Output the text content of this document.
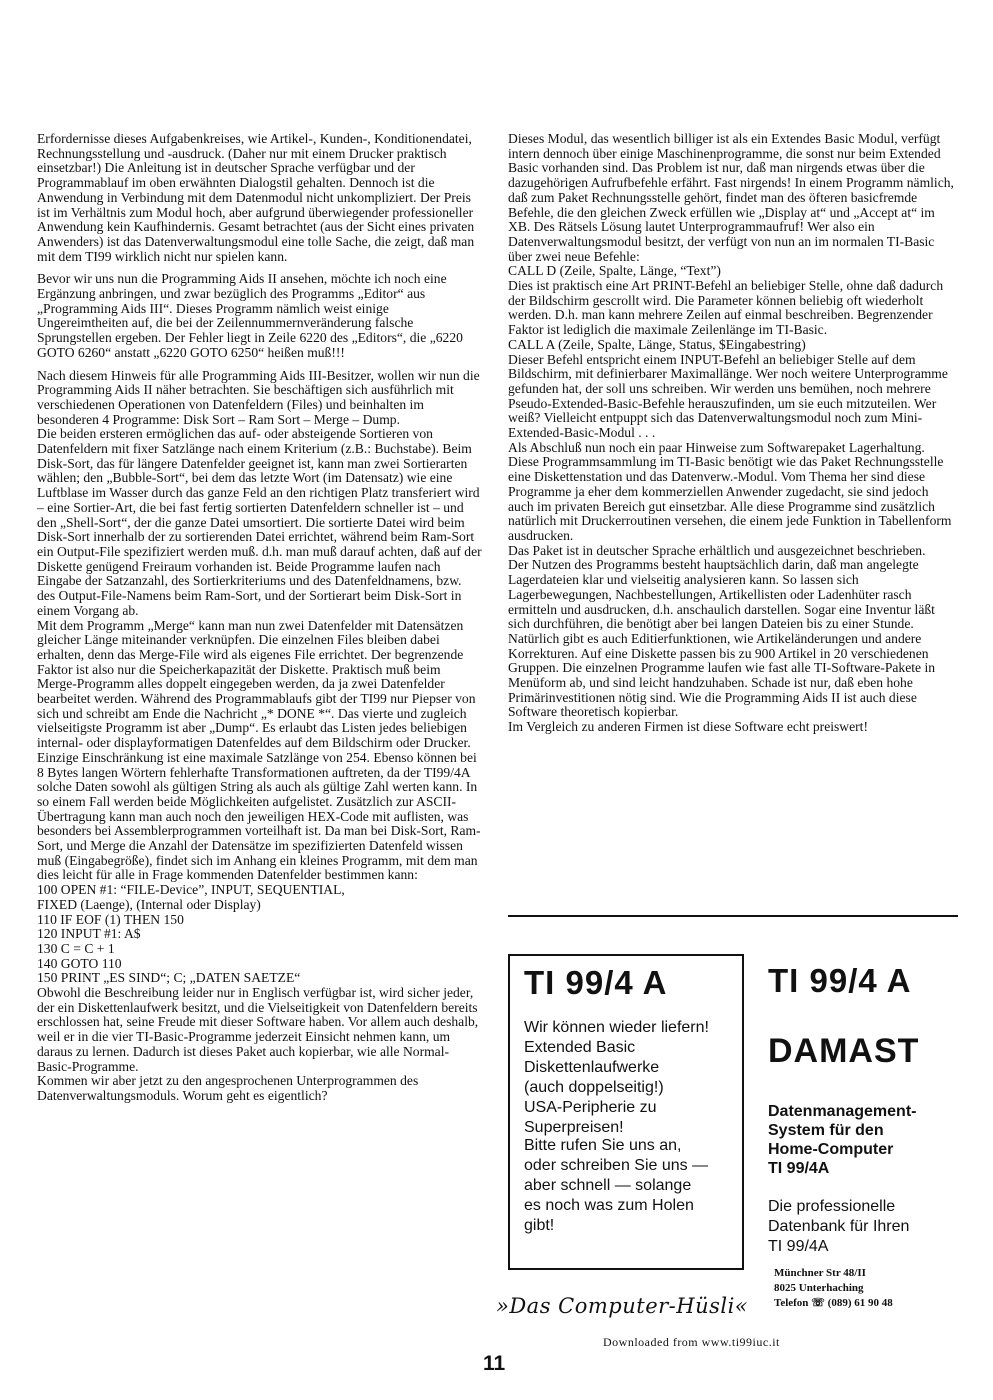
Erfordernisse dieses Aufgabenkreises, wie Artikel-, Kunden-, Konditionendatei, Rechnungsstellung und -ausdruck. (Daher nur mit einem Drucker praktisch einsetzbar!) Die Anleitung ist in deutscher Sprache verfügbar und der Programmablauf im oben erwähnten Dialogstil gehalten. Dennoch ist die Anwendung in Verbindung mit dem Datenmodul nicht unkompliziert. Der Preis ist im Verhältnis zum Modul hoch, aber aufgrund überwiegender professioneller Anwendung kein Kaufhindernis. Gesamt betrachtet (aus der Sicht eines privaten Anwenders) ist das Datenverwaltungsmodul eine tolle Sache, die zeigt, daß man mit dem TI99 wirklich nicht nur spielen kann.

Bevor wir uns nun die Programming Aids II ansehen, möchte ich noch eine Ergänzung anbringen, und zwar bezüglich des Programms „Editor“ aus „Programming Aids III“. Dieses Programm nämlich weist einige Ungereimtheiten auf, die bei der Zeilennummernveränderung falsche Sprungstellen ergeben. Der Fehler liegt in Zeile 6220 des „Editors“, die „6220 GOTO 6260“ anstatt „6220 GOTO 6250“ heißen muß!!!

Nach diesem Hinweis für alle Programming Aids III-Besitzer, wollen wir nun die Programming Aids II näher betrachten. Sie beschäftigen sich ausführlich mit verschiedenen Operationen von Datenfeldern (Files) und beinhalten im besonderen 4 Programme: Disk Sort – Ram Sort – Merge – Dump.

Die beiden ersteren ermöglichen das auf- oder absteigende Sortieren von Datenfeldern mit fixer Satzlänge nach einem Kriterium (z.B.: Buchstabe). Beim Disk-Sort, das für längere Datenfelder geeignet ist, kann man zwei Sortierarten wählen; den „Bubble-Sort“, bei dem das letzte Wort (im Datensatz) wie eine Luftblase im Wasser durch das ganze Feld an den richtigen Platz transferiert wird – eine Sortier-Art, die bei fast fertig sortierten Datenfeldern schneller ist – und den „Shell-Sort“, der die ganze Datei umsortiert. Die sortierte Datei wird beim Disk-Sort innerhalb der zu sortierenden Datei errichtet, während beim Ram-Sort ein Output-File spezifiziert werden muß. d.h. man muß darauf achten, daß auf der Diskette genügend Freiraum vorhanden ist. Beide Programme laufen nach Eingabe der Satzanzahl, des Sortierkriteriums und des Datenfeldnamens, bzw. des Output-File-Namens beim Ram-Sort, und der Sortierart beim Disk-Sort in einem Vorgang ab.

Mit dem Programm „Merge“ kann man nun zwei Datenfelder mit Datensätzen gleicher Länge miteinander verknüpfen. Die einzelnen Files bleiben dabei erhalten, denn das Merge-File wird als eigenes File errichtet. Der begrenzende Faktor ist also nur die Speicherkapazität der Diskette. Praktisch muß beim Merge-Programm alles doppelt eingegeben werden, da ja zwei Datenfelder bearbeitet werden. Während des Programmablaufs gibt der TI99 nur Piepser von sich und schreibt am Ende die Nachricht „* DONE *“. Das vierte und zugleich vielseitigste Programm ist aber „Dump“. Es erlaubt das Listen jedes beliebigen internal- oder displayformatigen Datenfeldes auf dem Bildschirm oder Drucker. Einzige Einschränkung ist eine maximale Satzlänge von 254. Ebenso können bei 8 Bytes langen Wörtern fehlerhafte Transformationen auftreten, da der TI99/4A solche Daten sowohl als gültigen String als auch als gültige Zahl werten kann. In so einem Fall werden beide Möglichkeiten aufgelistet. Zusätzlich zur ASCII-Übertragung kann man auch noch den jeweiligen HEX-Code mit auflisten, was besonders bei Assemblerprogrammen vorteilhaft ist. Da man bei Disk-Sort, Ram-Sort, und Merge die Anzahl der Datensätze im spezifizierten Datenfeld wissen muß (Eingabegröße), findet sich im Anhang ein kleines Programm, mit dem man dies leicht für alle in Frage kommenden Datenfelder bestimmen kann:

100 OPEN #1: “FILE-Device”, INPUT, SEQUENTIAL,
FIXED (Laenge), (Internal oder Display)
110 IF EOF (1) THEN 150
120 INPUT #1: A$
130 C = C + 1
140 GOTO 110
150 PRINT „ES SIND“; C; „DATEN SAETZE“

Obwohl die Beschreibung leider nur in Englisch verfügbar ist, wird sicher jeder, der ein Diskettenlaufwerk besitzt, und die Vielseitigkeit von Datenfeldern bereits erschlossen hat, seine Freude mit dieser Software haben. Vor allem auch deshalb, weil er in die vier TI-Basic-Programme jederzeit Einsicht nehmen kann, um daraus zu lernen. Dadurch ist dieses Paket auch kopierbar, wie alle Normal-Basic-Programme.

Kommen wir aber jetzt zu den angesprochenen Unterprogrammen des Datenverwaltungsmoduls. Worum geht es eigentlich?

Dieses Modul, das wesentlich billiger ist als ein Extendes Basic Modul, verfügt intern dennoch über einige Maschinenprogramme, die sonst nur beim Extended Basic vorhanden sind. Das Problem ist nur, daß man nirgends etwas über die dazugehörigen Aufrufbefehle erfährt. Fast nirgends! In einem Programm nämlich, daß zum Paket Rechnungsstelle gehört, findet man des öfteren basicfremde Befehle, die den gleichen Zweck erfüllen wie „Display at“ und „Accept at“ im XB. Des Rätsels Lösung lautet Unterprogrammaufruf! Wer also ein Datenverwaltungsmodul besitzt, der verfügt von nun an im normalen TI-Basic über zwei neue Befehle:

CALL D (Zeile, Spalte, Länge, “Text”)

Dies ist praktisch eine Art PRINT-Befehl an beliebiger Stelle, ohne daß dadurch der Bildschirm gescrollt wird. Die Parameter können beliebig oft wiederholt werden. D.h. man kann mehrere Zeilen auf einmal beschreiben. Begrenzender Faktor ist lediglich die maximale Zeilenlänge im TI-Basic.

CALL A (Zeile, Spalte, Länge, Status, $Eingabestring)

Dieser Befehl entspricht einem INPUT-Befehl an beliebiger Stelle auf dem Bildschirm, mit definierbarer Maximallänge. Wer noch weitere Unterprogramme gefunden hat, der soll uns schreiben. Wir werden uns bemühen, noch mehrere Pseudo-Extended-Basic-Befehle herauszufinden, um sie euch mitzuteilen. Wer weiß? Vielleicht entpuppt sich das Datenverwaltungsmodul noch zum Mini-Extended-Basic-Modul . . .

Als Abschluß nun noch ein paar Hinweise zum Softwarepaket Lagerhaltung. Diese Programmsammlung im TI-Basic benötigt wie das Paket Rechnungsstelle eine Diskettenstation und das Datenverw.-Modul. Vom Thema her sind diese Programme ja eher dem kommerziellen Anwender zugedacht, sie sind jedoch auch im privaten Bereich gut einsetzbar. Alle diese Programme sind zusätzlich natürlich mit Druckerroutinen versehen, die einem jede Funktion in Tabellenform ausdrucken.

Das Paket ist in deutscher Sprache erhältlich und ausgezeichnet beschrieben.

Der Nutzen des Programms besteht hauptsächlich darin, daß man angelegte Lagerdateien klar und vielseitig analysieren kann. So lassen sich Lagerbewegungen, Nachbestellungen, Artikellisten oder Ladenhüter rasch ermitteln und ausdrucken, d.h. anschaulich darstellen. Sogar eine Inventur läßt sich durchführen, die benötigt aber bei langen Dateien bis zu einer Stunde. Natürlich gibt es auch Editierfunktionen, wie Artikeländerungen und andere Korrekturen. Auf eine Diskette passen bis zu 900 Artikel in 20 verschiedenen Gruppen. Die einzelnen Programme laufen wie fast alle TI-Software-Pakete in Menüform ab, und sind leicht handzuhaben. Schade ist nur, daß eben hohe Primärinvestitionen nötig sind. Wie die Programming Aids II ist auch diese Software theoretisch kopierbar.

Im Vergleich zu anderen Firmen ist diese Software echt preiswert!

TI 99/4 A
Wir können wieder liefern!
Extended Basic
Diskettenlaufwerke
(auch doppelseitig!)
USA-Peripherie zu
Superpreisen!
Bitte rufen Sie uns an,
oder schreiben Sie uns —
aber schnell — solange
es noch was zum Holen
gibt!
»Das Computer-Hüsli«
TI 99/4 A
DAMAST
Datenmanagement-
System für den
Home-Computer
TI 99/4A
Die professionelle
Datenbank für Ihren
TI 99/4A
Münchner Str 48/II
8025 Unterhaching
Telefon ☏ (089) 61 90 48
Downloaded from www.ti99iuc.it
11
